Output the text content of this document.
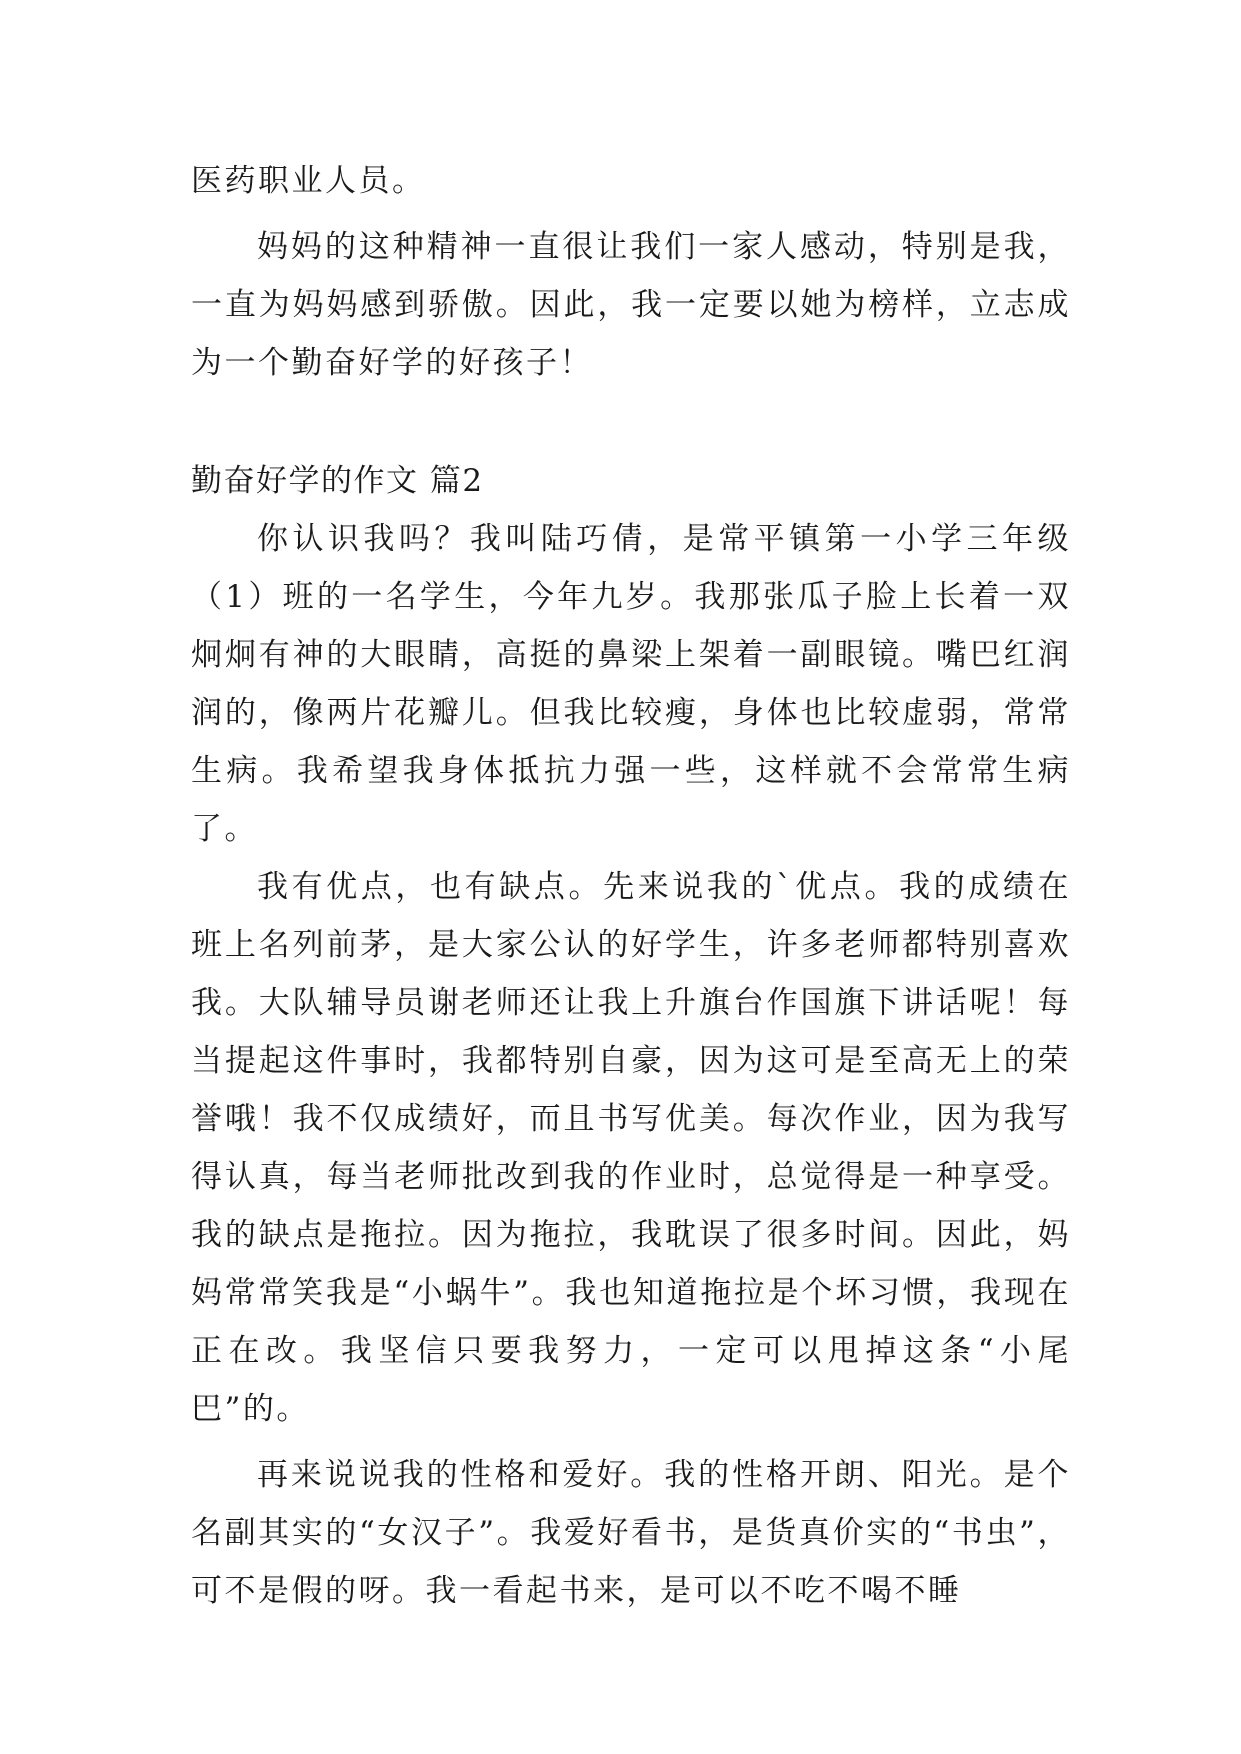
医药职业人员。

妈妈的这种精神一直很让我们一家人感动，特别是我，一直为妈妈感到骄傲。因此，我一定要以她为榜样，立志成为一个勤奋好学的好孩子！

勤奋好学的作文 篇2

你认识我吗？我叫陆巧倩，是常平镇第一小学三年级（1）班的一名学生，今年九岁。我那张瓜子脸上长着一双炯炯有神的大眼睛，高挺的鼻梁上架着一副眼镜。嘴巴红润润的，像两片花瓣儿。但我比较瘦，身体也比较虚弱，常常生病。我希望我身体抵抗力强一些，这样就不会常常生病了。

我有优点，也有缺点。先来说我的`优点。我的成绩在班上名列前茅，是大家公认的好学生，许多老师都特别喜欢我。大队辅导员谢老师还让我上升旗台作国旗下讲话呢！每当提起这件事时，我都特别自豪，因为这可是至高无上的荣誉哦！我不仅成绩好，而且书写优美。每次作业，因为我写得认真，每当老师批改到我的作业时，总觉得是一种享受。我的缺点是拖拉。因为拖拉，我耽误了很多时间。因此，妈妈常常笑我是“小蜗牛”。我也知道拖拉是个坏习惯，我现在正在改。我坚信只要我努力，一定可以甩掉这条“小尾巴”的。

再来说说我的性格和爱好。我的性格开朗、阳光。是个名副其实的“女汉子”。我爱好看书，是货真价实的“书虫”，可不是假的呀。我一看起书来，是可以不吃不喝不睡
